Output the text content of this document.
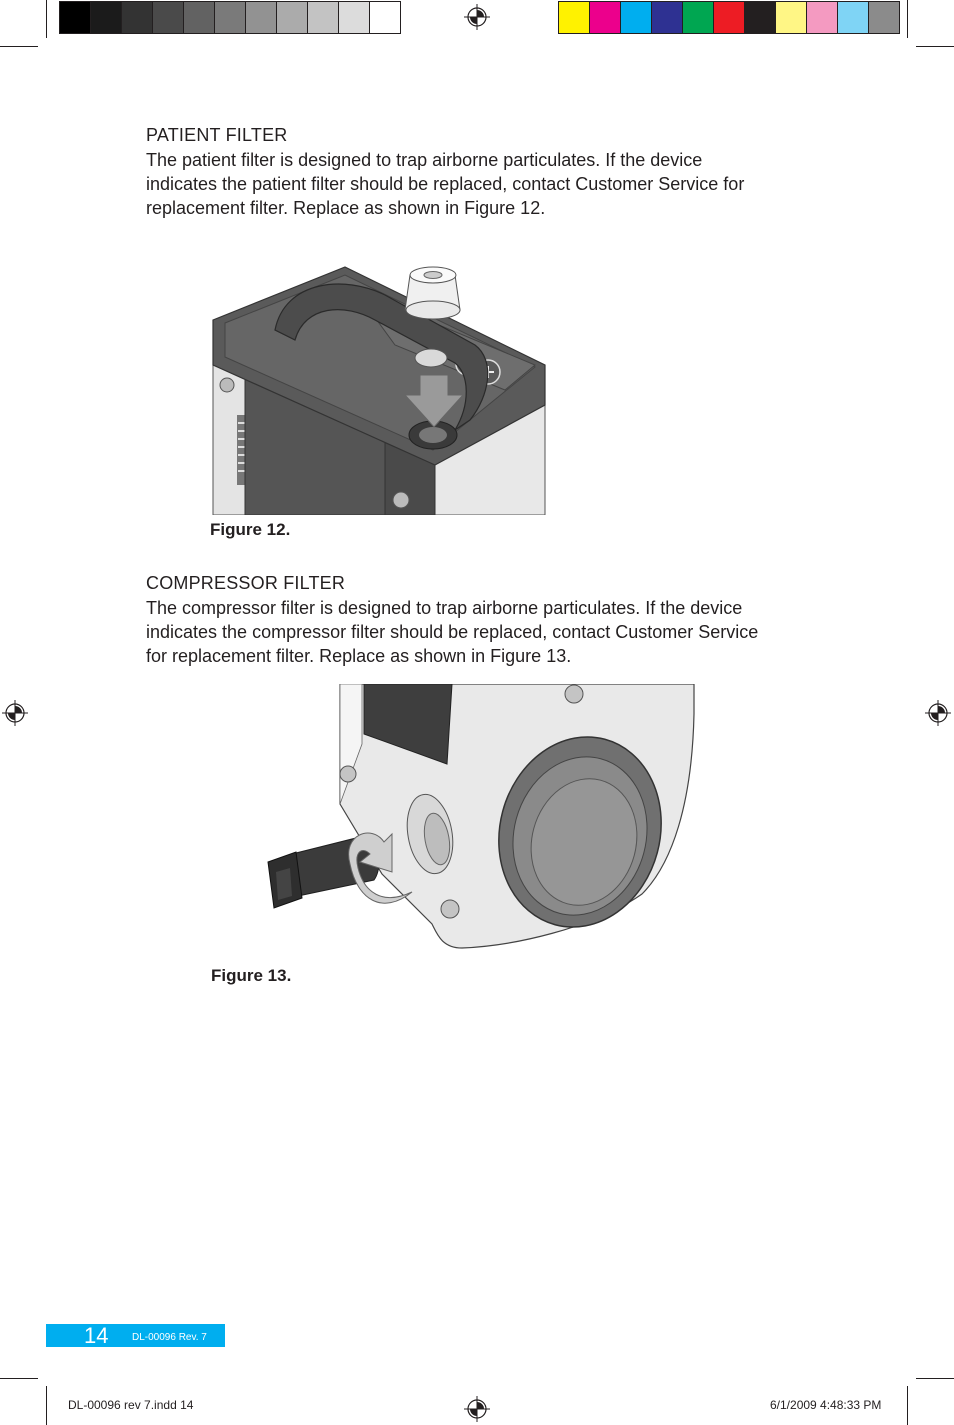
PATIENT FILTER
The patient filter is designed to trap airborne particulates. If the device
indicates the patient filter should be replaced, contact Customer Service for
replacement filter. Replace as shown in Figure 12.
Figure 12.
COMPRESSOR FILTER
The compressor filter is designed to trap airborne particulates. If the device
indicates the compressor filter should be replaced, contact Customer Service
for replacement filter. Replace as shown in Figure 13.
Figure 13.
14 DL-00096 Rev. 7
DL-00096 rev 7.indd 14	6/1/2009 4:48:33 PM
